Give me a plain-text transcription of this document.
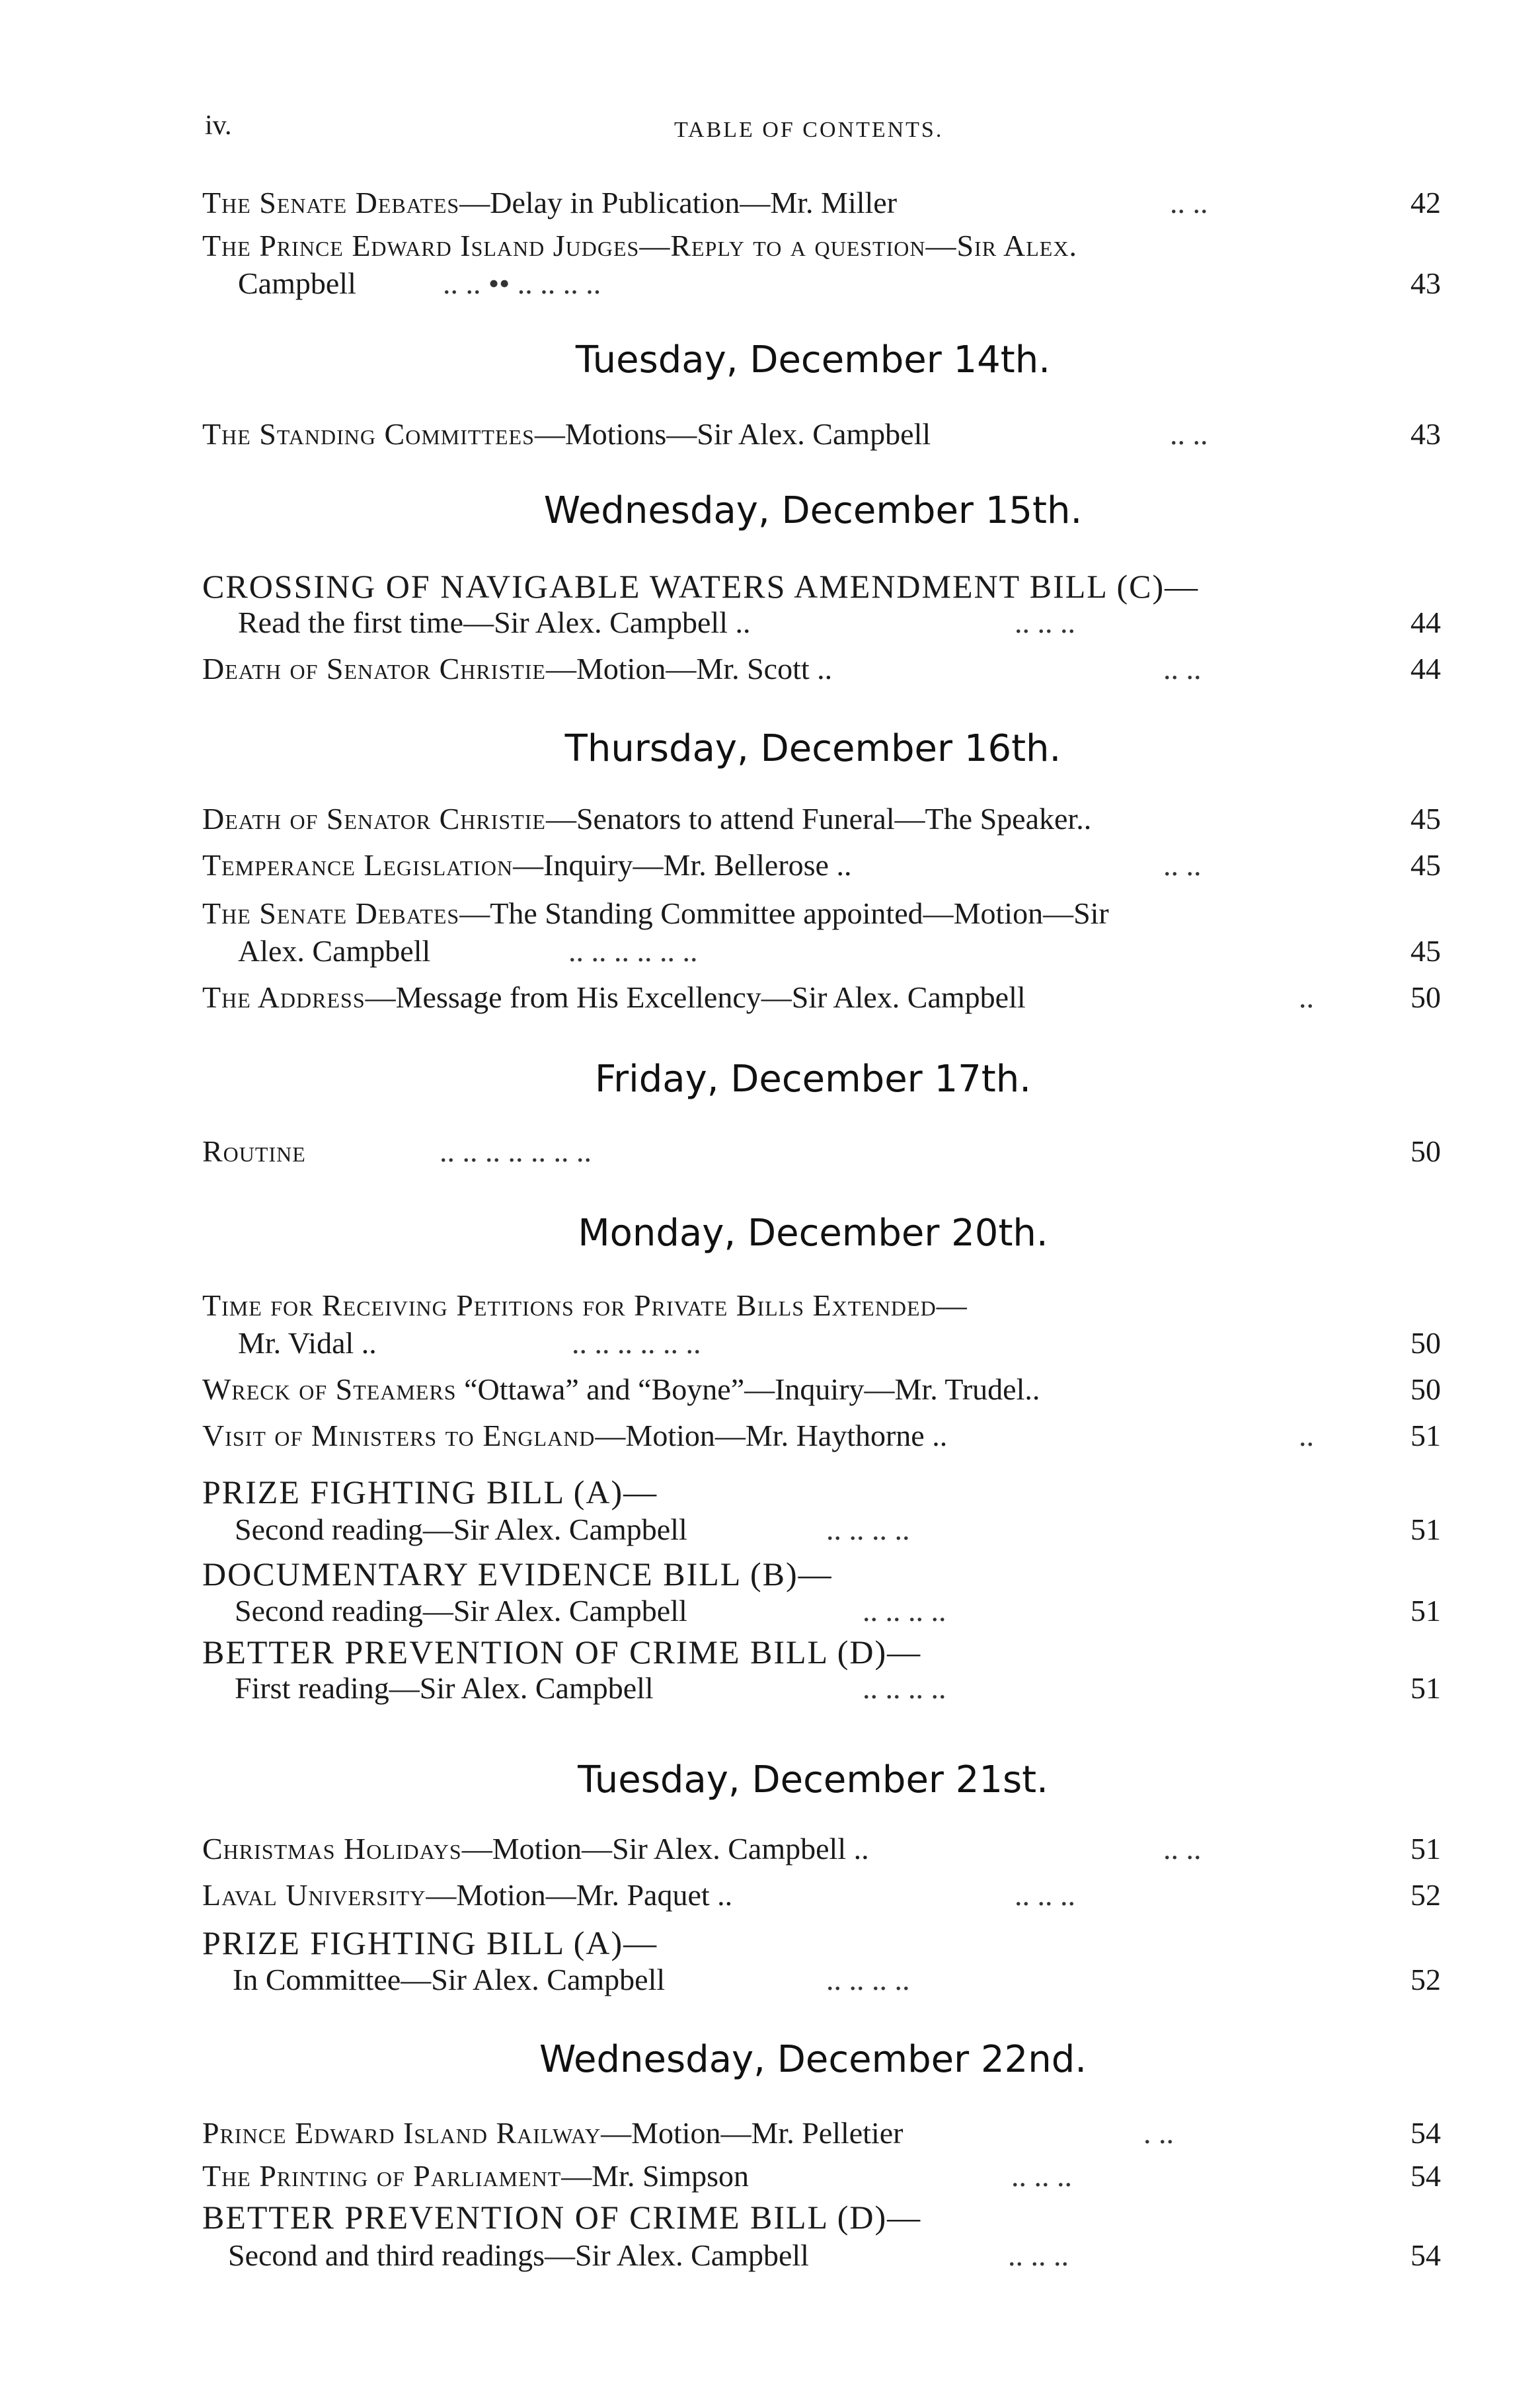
iv.	TABLE OF CONTENTS.
The Senate Debates—Delay in Publication—Mr. Miller	.. ..	42
The Prince Edward Island Judges—Reply to a question—Sir Alex.
Campbell	.. .. •• .. .. .. ..	43
Tuesday, December 14th.
The Standing Committees—Motions—Sir Alex. Campbell	.. ..	43
Wednesday, December 15th.
CROSSING OF NAVIGABLE WATERS AMENDMENT BILL (C)—
Read the first time—Sir Alex. Campbell ..	.. .. ..	44
Death of Senator Christie—Motion—Mr. Scott ..	.. ..	44
Thursday, December 16th.
Death of Senator Christie—Senators to attend Funeral—The Speaker..	45
Temperance Legislation—Inquiry—Mr. Bellerose ..	.. ..	45
The Senate Debates—The Standing Committee appointed—Motion—Sir
Alex. Campbell	.. .. .. .. .. ..	45
The Address—Message from His Excellency—Sir Alex. Campbell	..	50
Friday, December 17th.
Routine	.. .. .. .. .. .. ..	50
Monday, December 20th.
Time for Receiving Petitions for Private Bills Extended—
Mr. Vidal ..	.. .. .. .. .. ..	50
Wreck of Steamers “Ottawa” and “Boyne”—Inquiry—Mr. Trudel..	50
Visit of Ministers to England—Motion—Mr. Haythorne ..	..	51
PRIZE FIGHTING BILL (A)—
Second reading—Sir Alex. Campbell	.. .. .. ..	51
DOCUMENTARY EVIDENCE BILL (B)—
Second reading—Sir Alex. Campbell	.. .. .. ..	51
BETTER PREVENTION OF CRIME BILL (D)—
First reading—Sir Alex. Campbell	.. .. .. ..	51
Tuesday, December 21st.
Christmas Holidays—Motion—Sir Alex. Campbell ..	.. ..	51
Laval University—Motion—Mr. Paquet ..	.. .. ..	52
PRIZE FIGHTING BILL (A)—
In Committee—Sir Alex. Campbell	.. .. .. ..	52
Wednesday, December 22nd.
Prince Edward Island Railway—Motion—Mr. Pelletier	. ..	54
The Printing of Parliament—Mr. Simpson	.. .. ..	54
BETTER PREVENTION OF CRIME BILL (D)—
Second and third readings—Sir Alex. Campbell	.. .. ..	54
